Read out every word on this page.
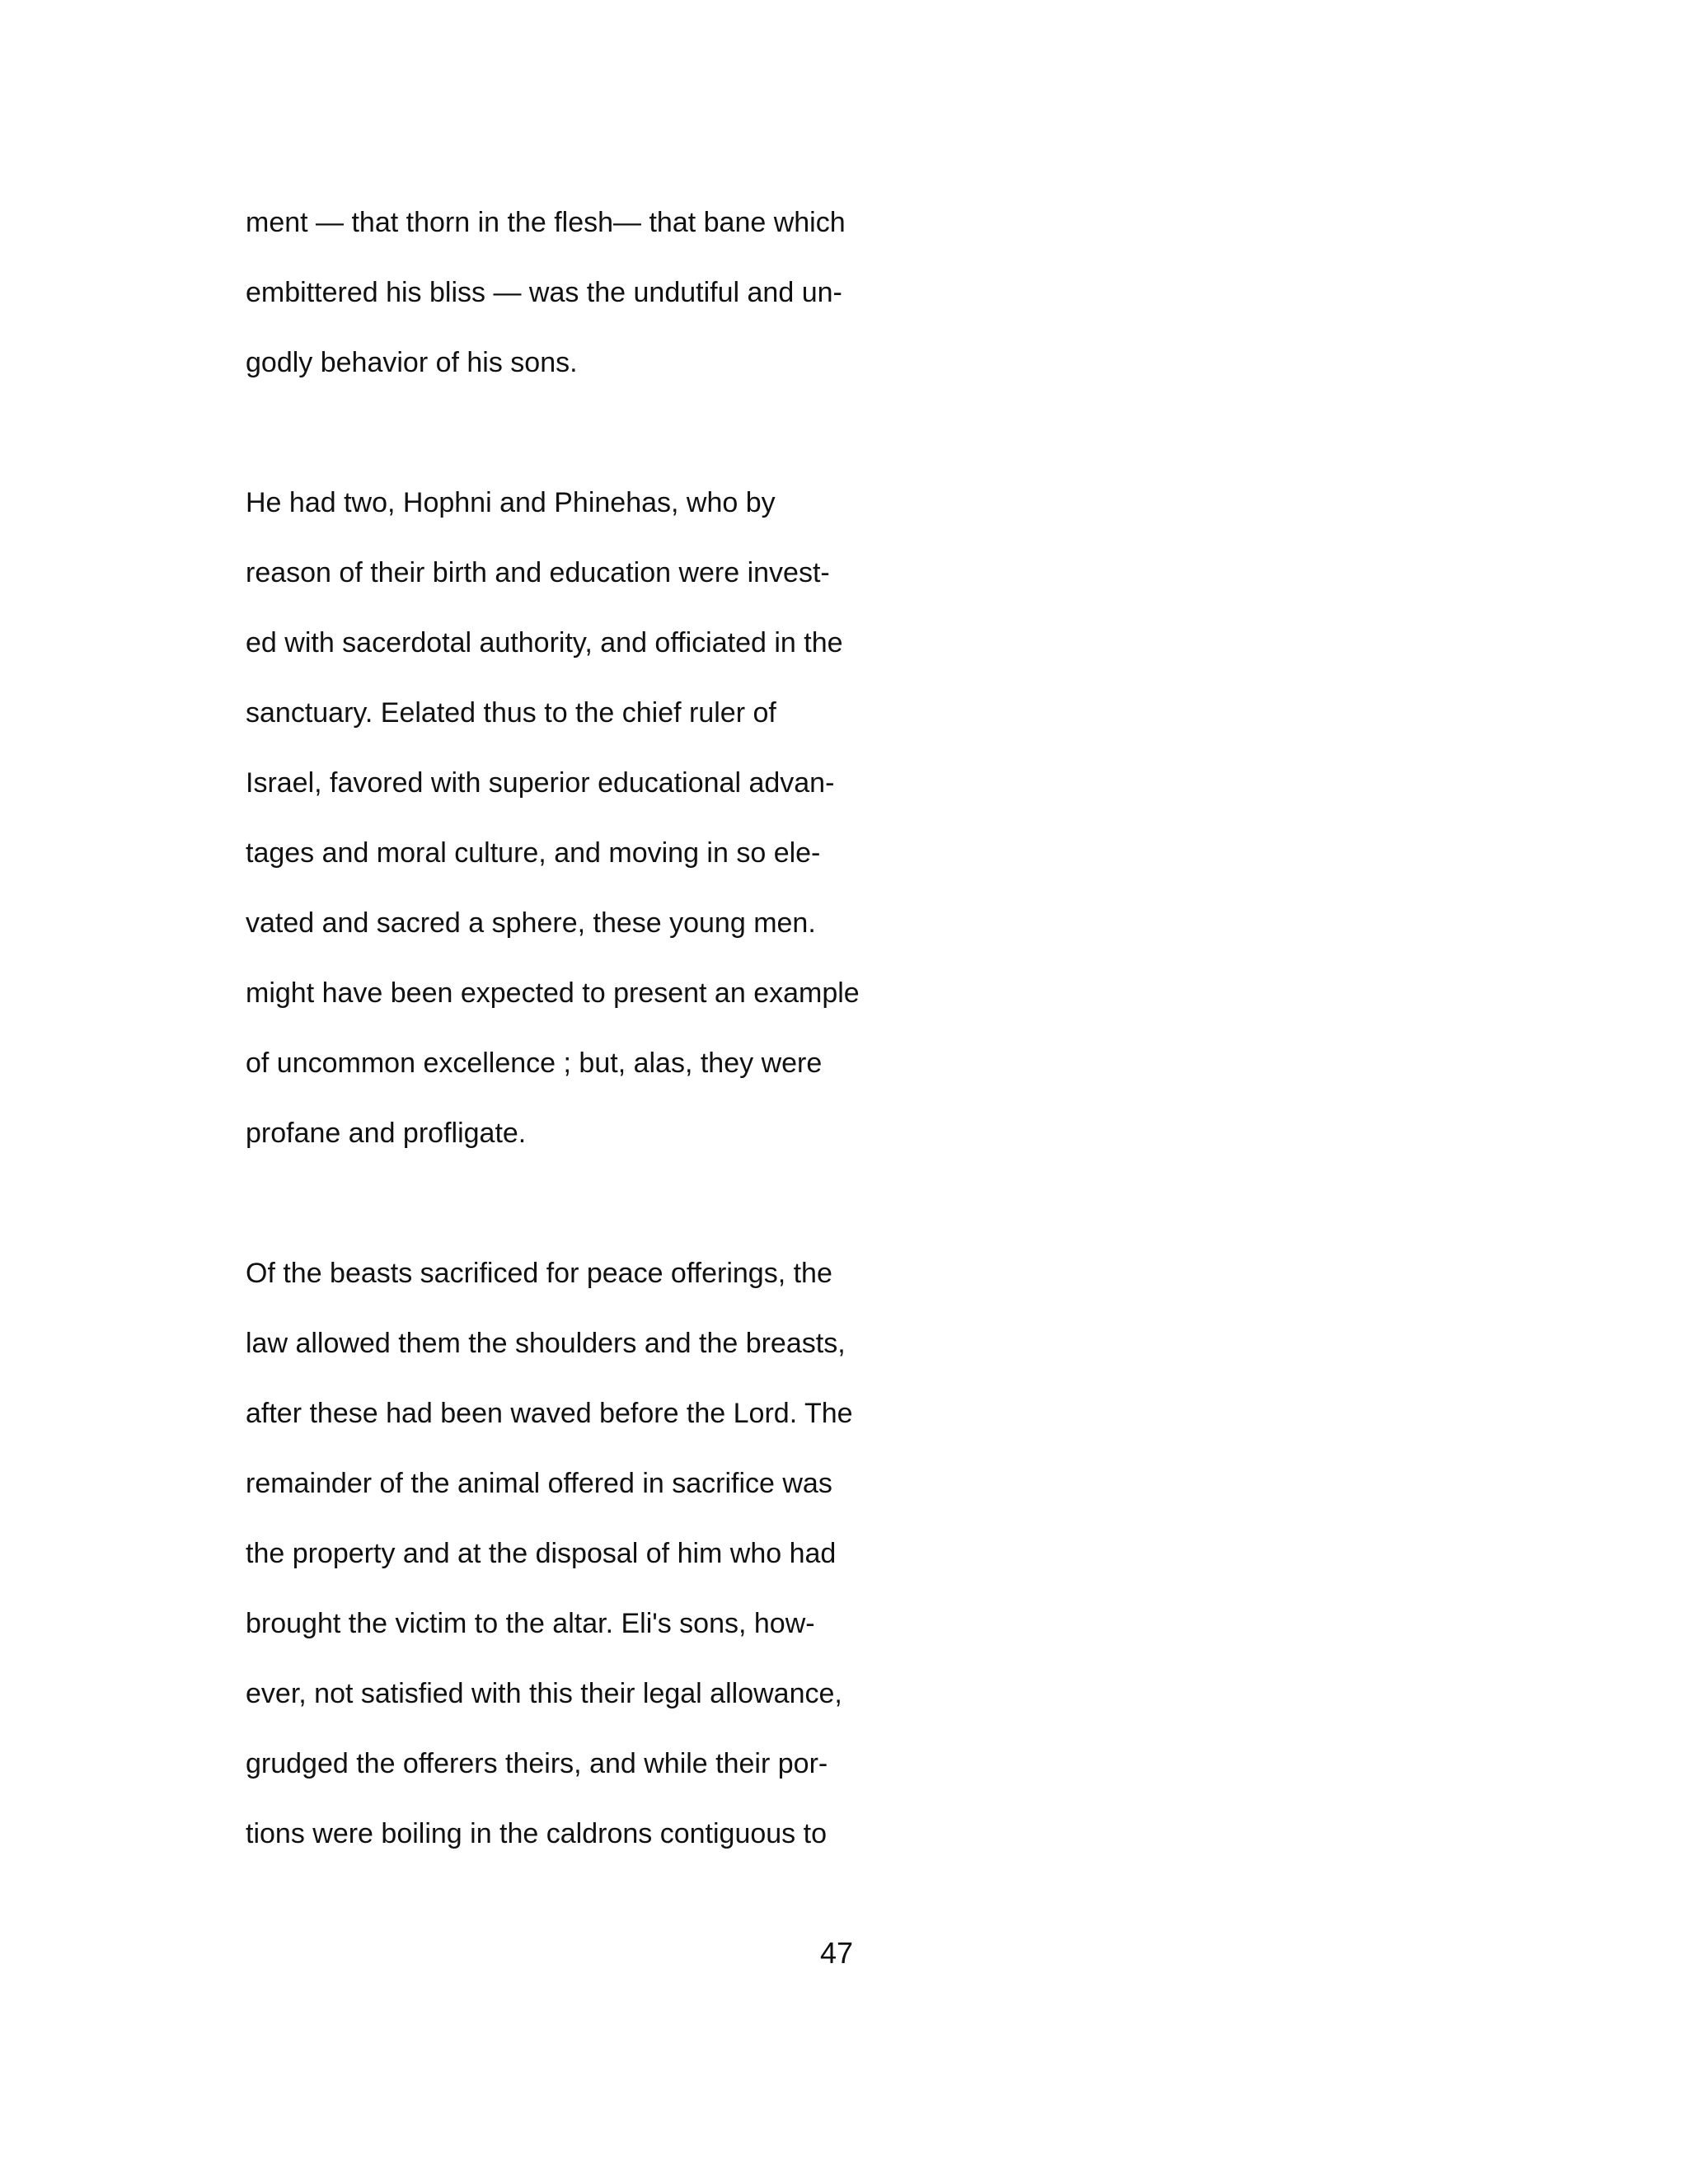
ment — that thorn in the flesh— that bane which
embittered his bliss — was the undutiful and un-
godly behavior of his sons.
He had two, Hophni and Phinehas, who by
reason of their birth and education were invest-
ed with sacerdotal authority, and officiated in the
sanctuary. Eelated thus to the chief ruler of
Israel, favored with superior educational advan-
tages and moral culture, and moving in so ele-
vated and sacred a sphere, these young men.
might have been expected to present an example
of uncommon excellence ; but, alas, they were
profane and profligate.
Of the beasts sacrificed for peace offerings, the
law allowed them the shoulders and the breasts,
after these had been waved before the Lord. The
remainder of the animal offered in sacrifice was
the property and at the disposal of him who had
brought the victim to the altar. Eli's sons, how-
ever, not satisfied with this their legal allowance,
grudged the offerers theirs, and while their por-
tions were boiling in the caldrons contiguous to
47
